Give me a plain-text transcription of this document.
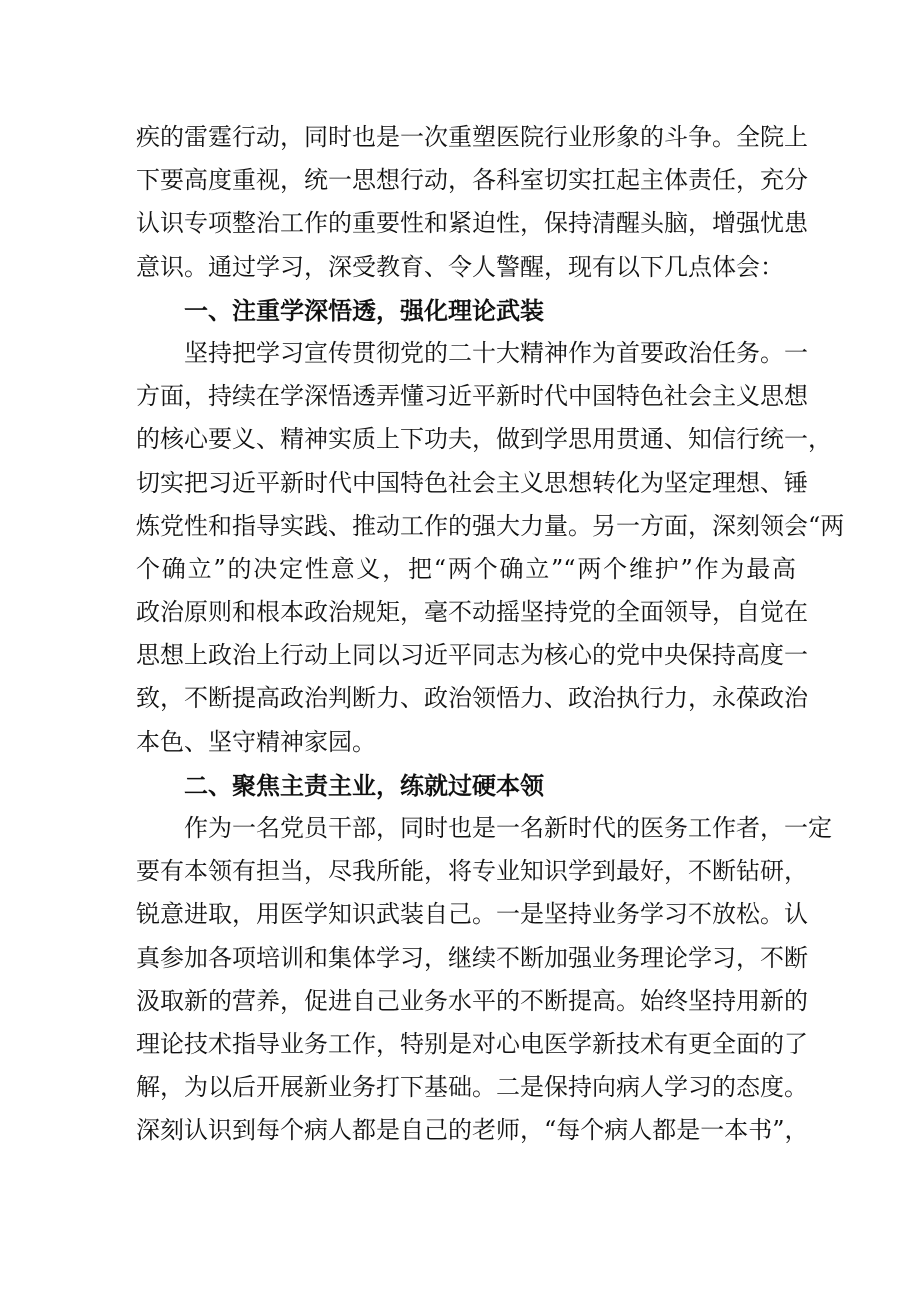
疾的雷霆行动，同时也是一次重塑医院行业形象的斗争。全院上
下要高度重视，统一思想行动，各科室切实扛起主体责任，充分
认识专项整治工作的重要性和紧迫性，保持清醒头脑，增强忧患
意识。通过学习，深受教育、令人警醒，现有以下几点体会：
一、注重学深悟透，强化理论武装
坚持把学习宣传贯彻党的二十大精神作为首要政治任务。一
方面，持续在学深悟透弄懂习近平新时代中国特色社会主义思想
的核心要义、精神实质上下功夫，做到学思用贯通、知信行统一，
切实把习近平新时代中国特色社会主义思想转化为坚定理想、锤
炼党性和指导实践、推动工作的强大力量。另一方面，深刻领会“两
个确立”的决定性意义，把“两个确立”“两个维护”作为最高
政治原则和根本政治规矩，毫不动摇坚持党的全面领导，自觉在
思想上政治上行动上同以习近平同志为核心的党中央保持高度一
致，不断提高政治判断力、政治领悟力、政治执行力，永葆政治
本色、坚守精神家园。
二、聚焦主责主业，练就过硬本领
作为一名党员干部，同时也是一名新时代的医务工作者，一定
要有本领有担当，尽我所能，将专业知识学到最好，不断钻研，
锐意进取，用医学知识武装自己。一是坚持业务学习不放松。认
真参加各项培训和集体学习，继续不断加强业务理论学习，不断
汲取新的营养，促进自己业务水平的不断提高。始终坚持用新的
理论技术指导业务工作，特别是对心电医学新技术有更全面的了
解，为以后开展新业务打下基础。二是保持向病人学习的态度。
深刻认识到每个病人都是自己的老师，“每个病人都是一本书”，
